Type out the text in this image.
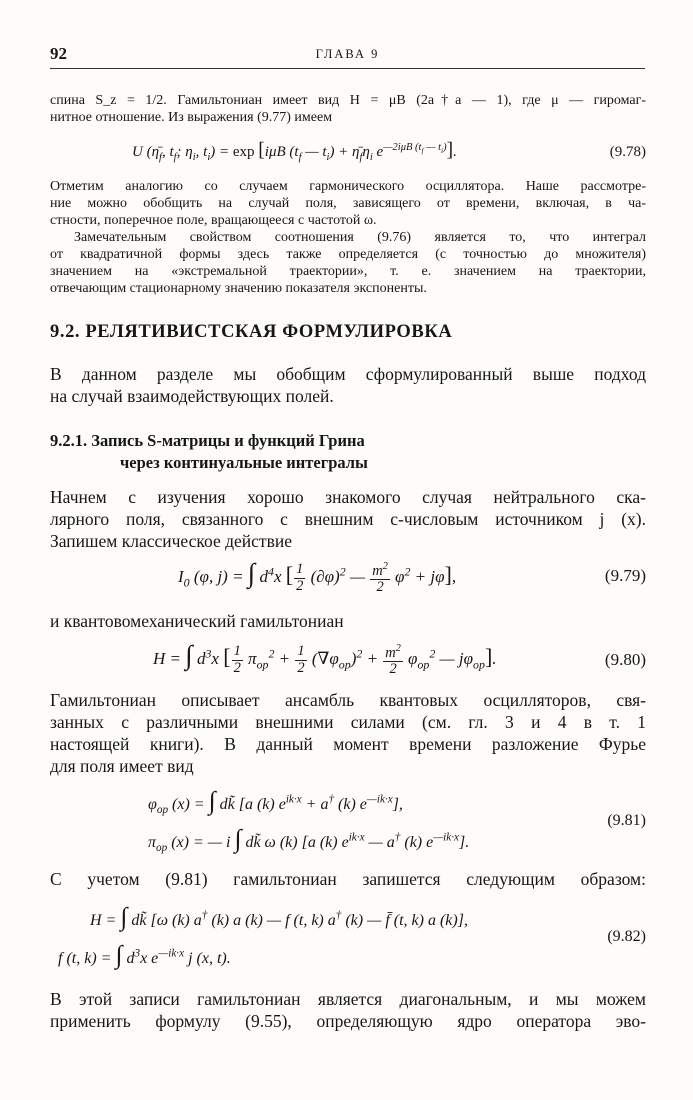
92	ГЛАВА 9
спина S_z = 1/2. Гамильтониан имеет вид H = μB (2a†a — 1), где μ — гиромаг-
нитное отношение. Из выражения (9.77) имеем
U ($\etā_f$, $t_f$; $\eta_i$, $t_i) = \exp [i\mu B$ ($t_f$ — $t_i$) + $\etā_f\eta_i$ $e^{—2i\mu B (t_f — t_i)}$].	(9.78)
Отметим аналогию со случаем гармонического осциллятора. Наше рассмотре-
ние можно обобщить на случай поля, зависящего от времени, включая, в ча-
стности, поперечное поле, вращающееся с частотой ω.
Замечательным свойством соотношения (9.76) является то, что интеграл
от квадратичной формы здесь также определяется (с точностью до множителя)
значением на «экстремальной траектории», т. е. значением на траектории,
отвечающим стационарному значению показателя экспоненты.
9.2. РЕЛЯТИВИСТСКАЯ ФОРМУЛИРОВКА
В данном разделе мы обобщим сформулированный выше подход
на случай взаимодействующих полей.
9.2.1. Запись S-матрицы и функций Грина
через континуальные интегралы
Начнем с изучения хорошо знакомого случая нейтрального ска-
лярного поля, связанного с внешним c-числовым источником j (x).
Запишем классическое действие
$I_0$ (φ, j) = ∫ $d^4x$ [ $\frac{1}{2} (\partial\varphi)^2$ — $\frac{m^2}{2} \varphi^2 + j\varphi$],	(9.79)
и квантовомеханический гамильтониан
H = ∫ $d^3x$ [ $\frac{1}{2} \pi_{op}^2 + \frac{1}{2} (\nabla\varphi_{op})^2 + \frac{m^2}{2} \varphi_{op}^2$ — $j\varphi_{op}$].	(9.80)
Гамильтониан описывает ансамбль квантовых осцилляторов, свя-
занных с различными внешними силами (см. гл. 3 и 4 в т. 1
настоящей книги). В данный момент времени разложение Фурье
для поля имеет вид
$\varphi_{op}$ (x) = ∫ dk̃ [a (k) $e^{ik\cdot x} + a^\dagger$ (k) $e^{—ik\cdot x}$],
$\pi_{op}$ (x) = — i ∫ dk̃ ω (k) [a (k) $e^{ik\cdot x}$ — a† (k) $e^{—ik\cdot x}$].
(9.81)
С учетом (9.81) гамильтониан запишется следующим образом:
H = ∫ dk̃ [ω (k) a† (k) a (k) — f (t, k) a† (k) — f̄ (t, k) a (k)],
f (t, k) = ∫ $d^3x$ $e^{—ik\cdot x}$ j (x, t).
(9.82)
В этой записи гамильтониан является диагональным, и мы можем
применить формулу (9.55), определяющую ядро оператора эво-
